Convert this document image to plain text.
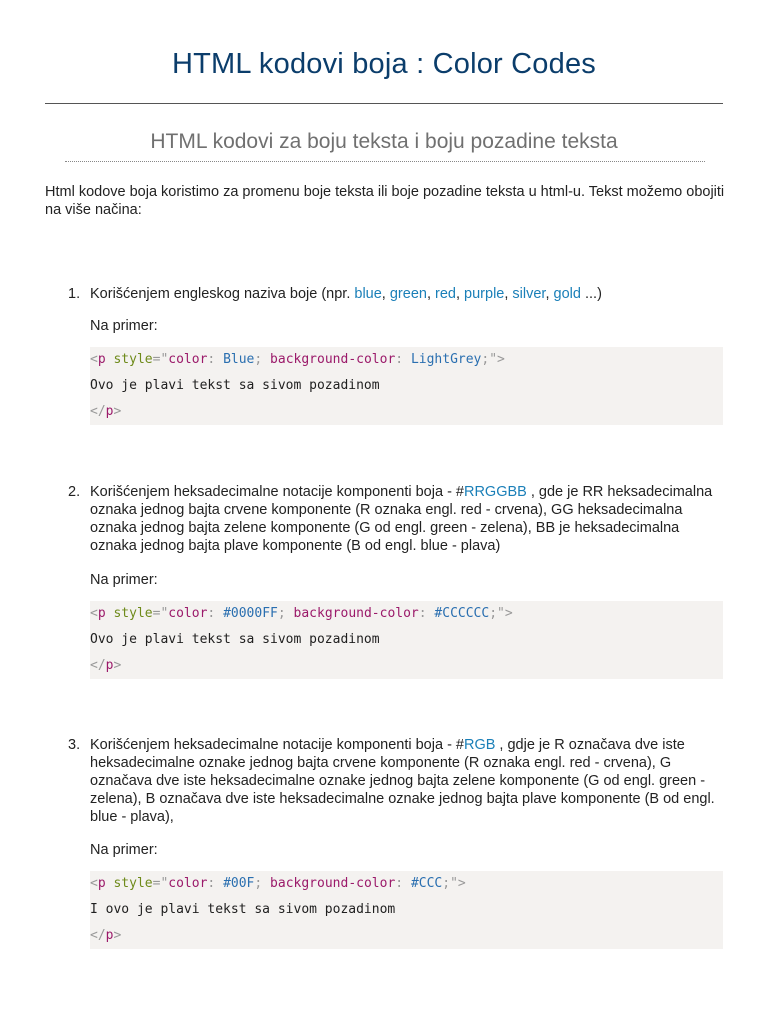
HTML kodovi boja : Color Codes
HTML kodovi za boju teksta i boju pozadine teksta

Html kodove boja koristimo za promenu boje teksta ili boje pozadine teksta u html-u. Tekst možemo obojiti na više načina:

1. Korišćenjem engleskog naziva boje (npr. blue, green, red, purple, silver, gold ...)

Na primer:

<p style="color: Blue; background-color: LightGrey;">
Ovo je plavi tekst sa sivom pozadinom
</p>

2. Korišćenjem heksadecimalne notacije komponenti boja - #RRGGBB , gde je RR heksadecimalna oznaka jednog bajta crvene komponente (R oznaka engl. red - crvena), GG heksadecimalna oznaka jednog bajta zelene komponente (G od engl. green - zelena), BB je heksadecimalna oznaka jednog bajta plave komponente (B od engl. blue - plava)

Na primer:

<p style="color: #0000FF; background-color: #CCCCCC;">
Ovo je plavi tekst sa sivom pozadinom
</p>

3. Korišćenjem heksadecimalne notacije komponenti boja - #RGB , gdje je R označava dve iste heksadecimalne oznake jednog bajta crvene komponente (R oznaka engl. red - crvena), G označava dve iste heksadecimalne oznake jednog bajta zelene komponente (G od engl. green - zelena), B označava dve iste heksadecimalne oznake jednog bajta plave komponente (B od engl. blue - plava),

Na primer:

<p style="color: #00F; background-color: #CCC;">
I ovo je plavi tekst sa sivom pozadinom
</p>
